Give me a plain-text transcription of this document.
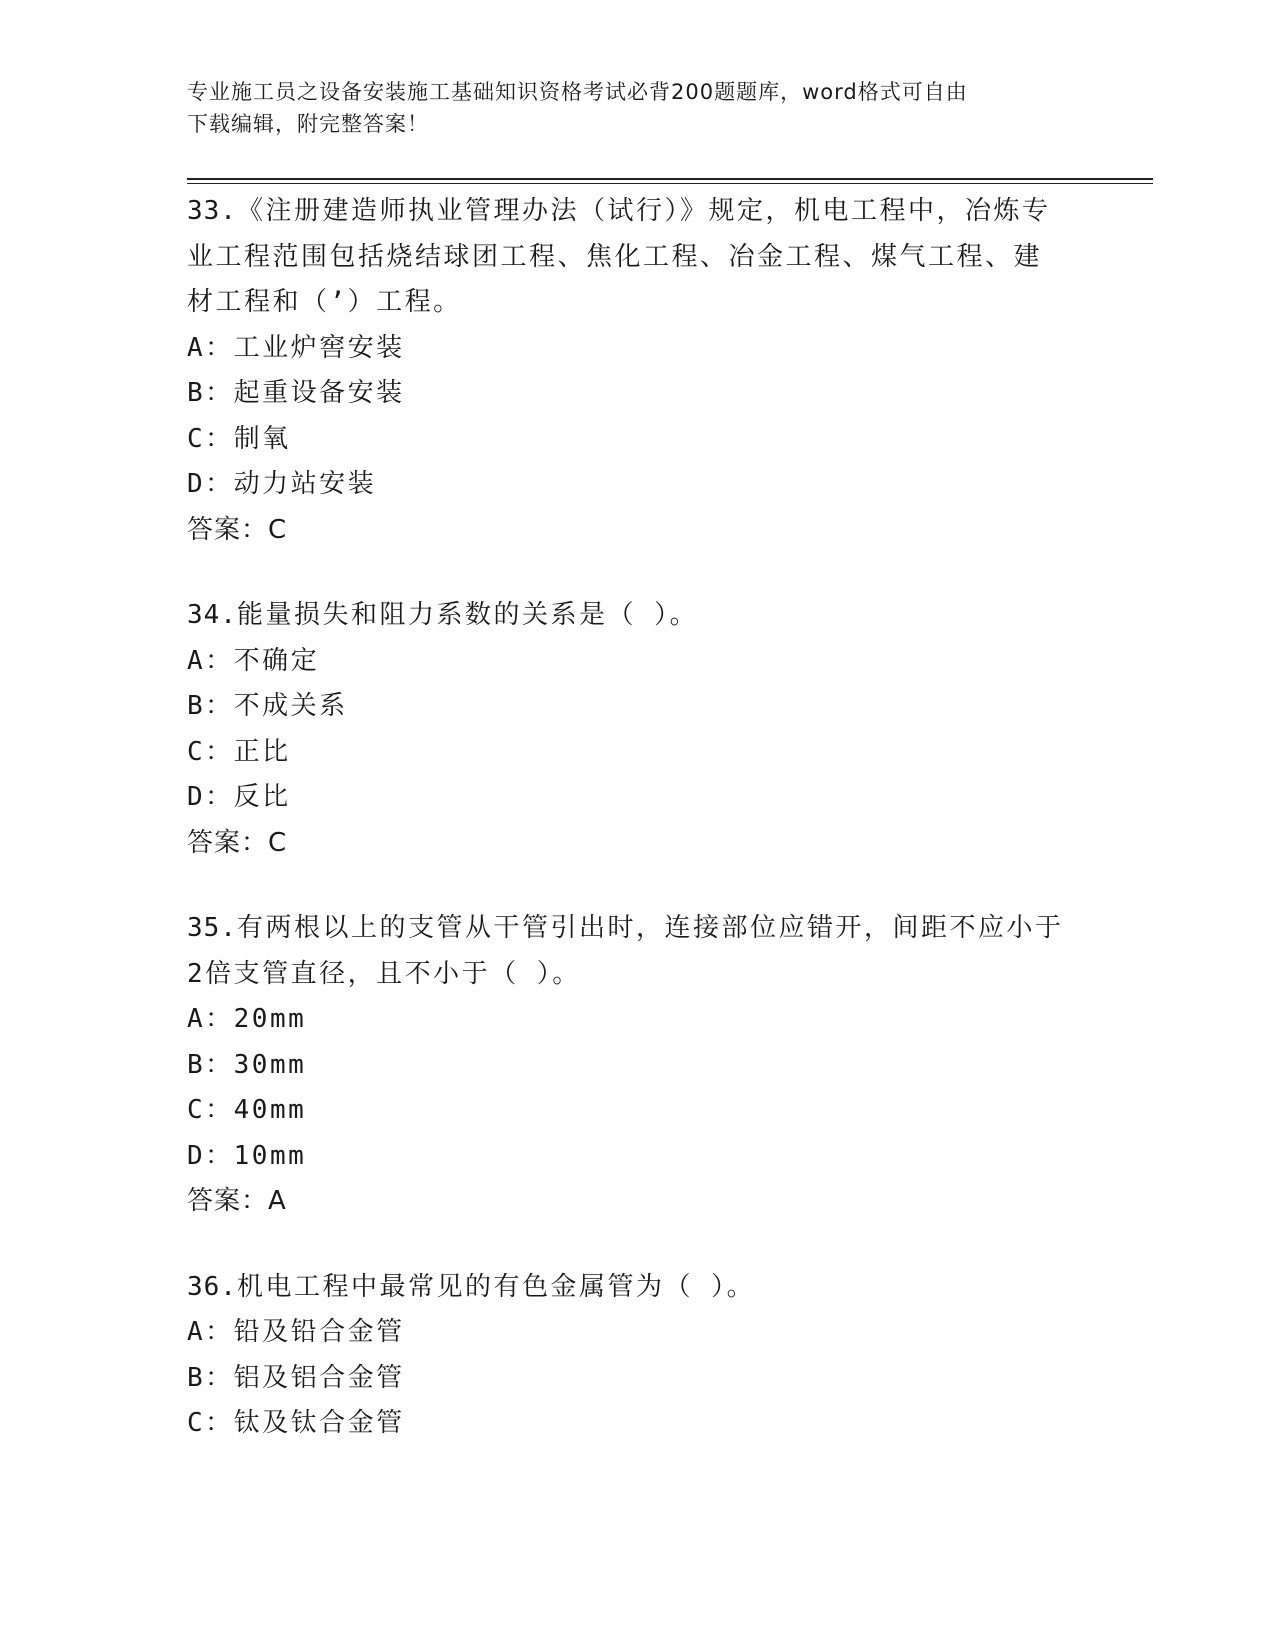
专业施工员之设备安装施工基础知识资格考试必背200题题库，word格式可自由
下载编辑，附完整答案！
33.《注册建造师执业管理办法（试行）》规定，机电工程中，冶炼专
业工程范围包括烧结球团工程、焦化工程、冶金工程、煤气工程、建
材工程和（’）工程。
A：工业炉窖安装
B：起重设备安装
C：制氧
D：动力站安装
答案：C
34.能量损失和阻力系数的关系是（ ）。
A：不确定
B：不成关系
C：正比
D：反比
答案：C
35.有两根以上的支管从干管引出时，连接部位应错开，间距不应小于
2倍支管直径，且不小于（ ）。
A：20mm
B：30mm
C：40mm
D：10mm
答案：A
36.机电工程中最常见的有色金属管为（ ）。
A：铅及铅合金管
B：铝及铝合金管
C：钛及钛合金管
